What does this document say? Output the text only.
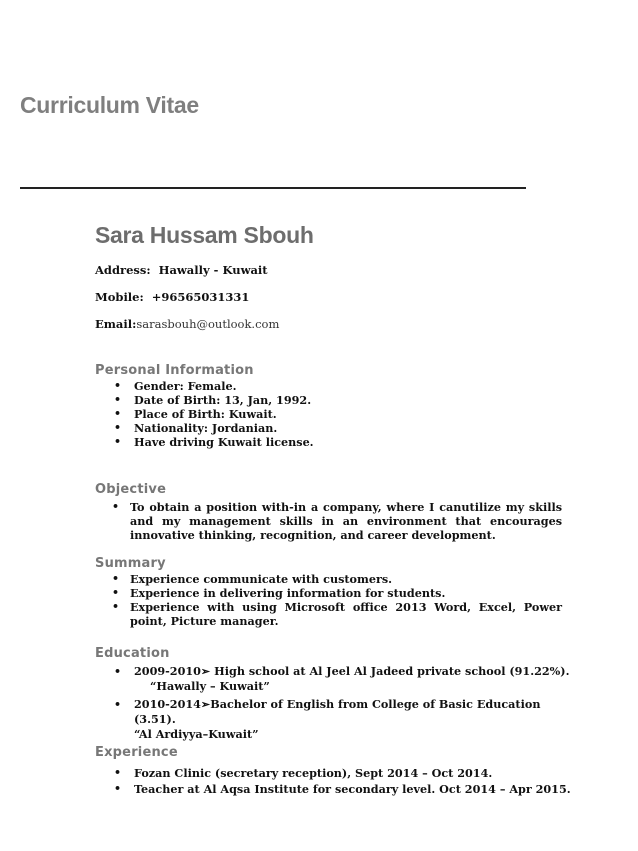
Curriculum Vitae
Sara Hussam Sbouh
Address: Hawally - Kuwait
Mobile: +96565031331
Email:sarasbouh@outlook.com
Personal Information
• Gender: Female.
• Date of Birth: 13, Jan, 1992.
• Place of Birth: Kuwait.
• Nationality: Jordanian.
• Have driving Kuwait license.
Objective
• To obtain a position with-in a company, where I canutilize my skills and my management skills in an environment that encourages innovative thinking, recognition, and career development.
Summary
• Experience communicate with customers.
• Experience in delivering information for students.
• Experience with using Microsoft office 2013 Word, Excel, Power point, Picture manager.
Education
• 2009-2010➢ High school at Al Jeel Al Jadeed private school (91.22%).
“Hawally – Kuwait”
• 2010-2014➢Bachelor of English from College of Basic Education (3.51).
“Al Ardiyya–Kuwait”
Experience
• Fozan Clinic (secretary reception), Sept 2014 – Oct 2014.
• Teacher at Al Aqsa Institute for secondary level. Oct 2014 – Apr 2015.
